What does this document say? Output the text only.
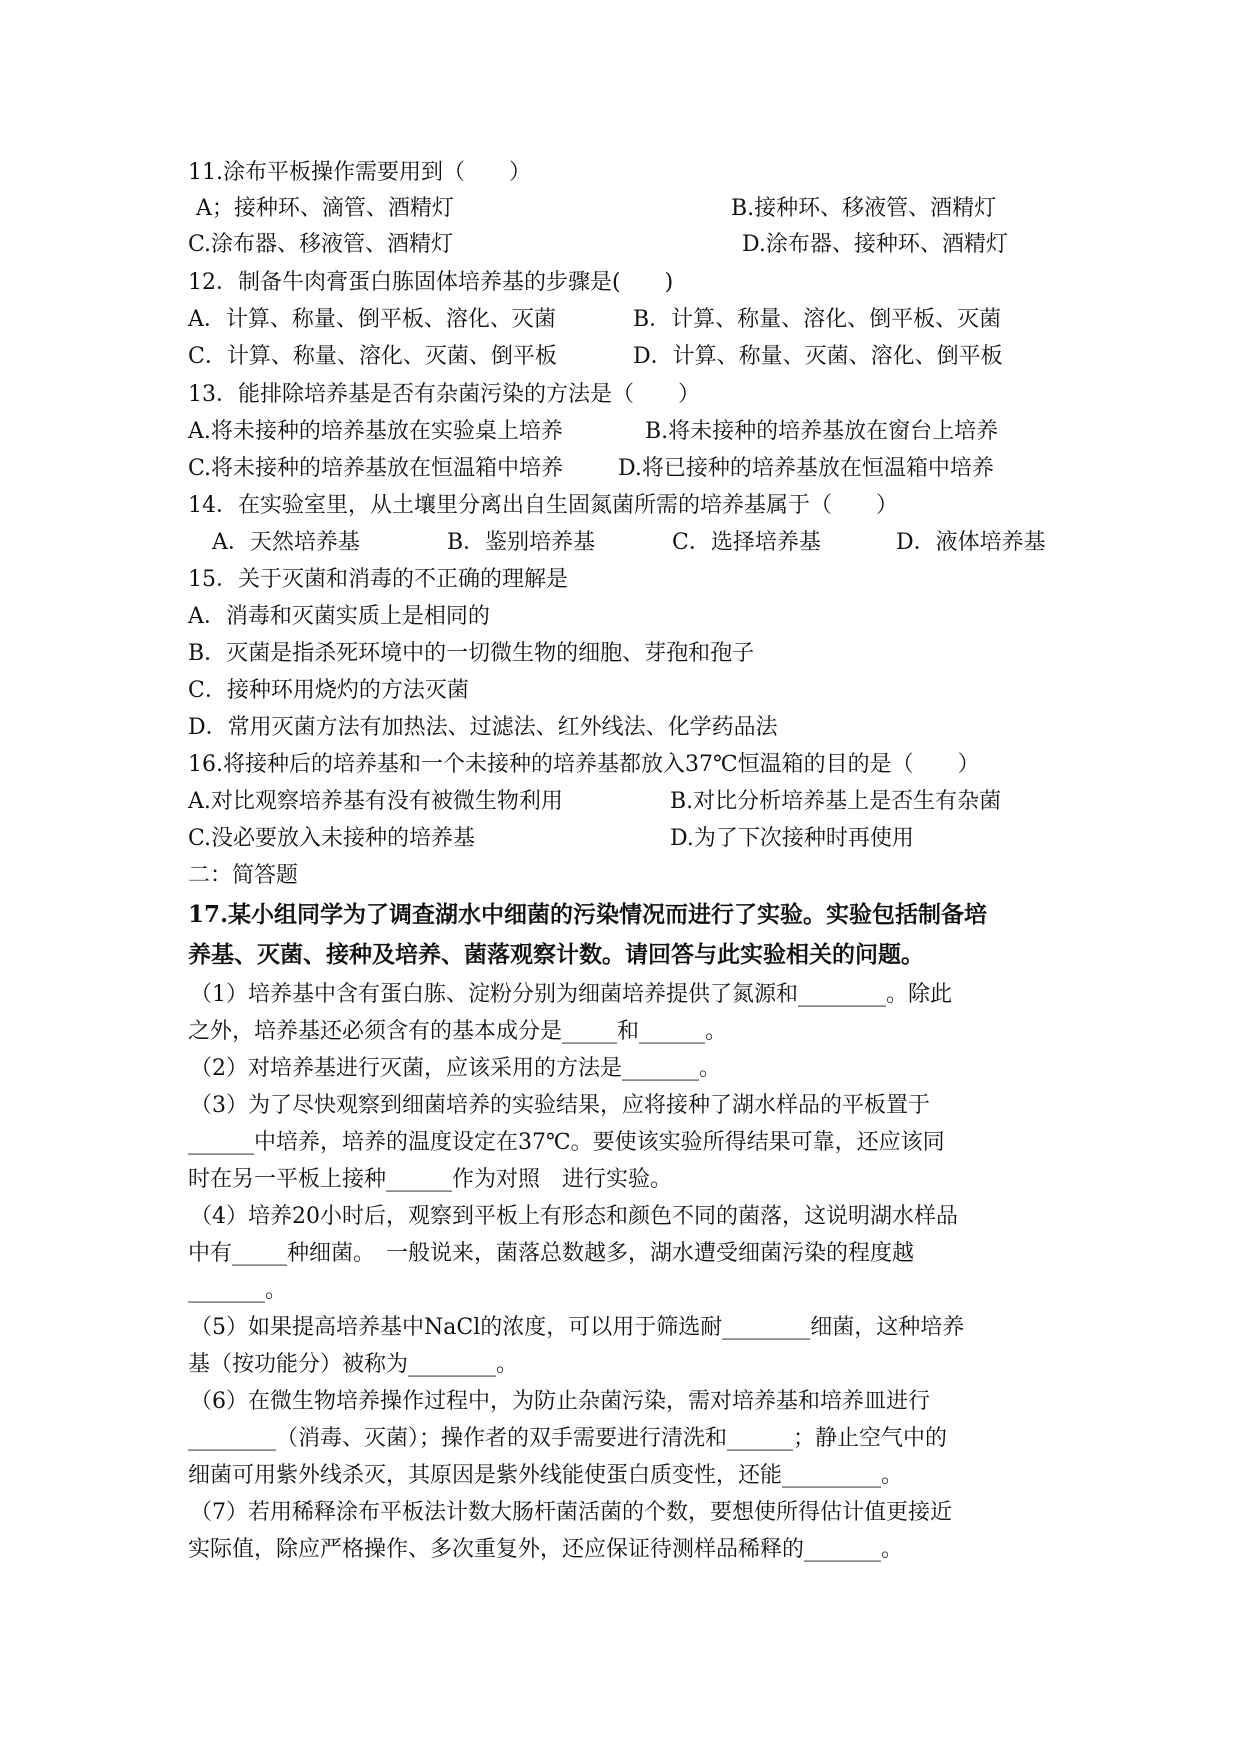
11.涂布平板操作需要用到（　　）
A；接种环、滴管、酒精灯	B.接种环、移液管、酒精灯
C.涂布器、移液管、酒精灯	D.涂布器、接种环、酒精灯
12．制备牛肉膏蛋白胨固体培养基的步骤是(　　)
A．计算、称量、倒平板、溶化、灭菌	B．计算、称量、溶化、倒平板、灭菌
C．计算、称量、溶化、灭菌、倒平板	D．计算、称量、灭菌、溶化、倒平板
13．能排除培养基是否有杂菌污染的方法是（　　）
A.将未接种的培养基放在实验桌上培养	B.将未接种的培养基放在窗台上培养
C.将未接种的培养基放在恒温箱中培养 D.将已接种的培养基放在恒温箱中培养
14．在实验室里，从土壤里分离出自生固氮菌所需的培养基属于（　　）
A．天然培养基	B．鉴别培养基	C．选择培养基	D．液体培养基
15．关于灭菌和消毒的不正确的理解是
A．消毒和灭菌实质上是相同的
B．灭菌是指杀死环境中的一切微生物的细胞、芽孢和孢子
C．接种环用烧灼的方法灭菌
D．常用灭菌方法有加热法、过滤法、红外线法、化学药品法
16.将接种后的培养基和一个未接种的培养基都放入37℃恒温箱的目的是（　　）
A.对比观察培养基有没有被微生物利用	B.对比分析培养基上是否生有杂菌
C.没必要放入未接种的培养基	D.为了下次接种时再使用
二：简答题
17.某小组同学为了调查湖水中细菌的污染情况而进行了实验。实验包括制备培
养基、灭菌、接种及培养、菌落观察计数。请回答与此实验相关的问题。
（1）培养基中含有蛋白胨、淀粉分别为细菌培养提供了氮源和________。除此
之外，培养基还必须含有的基本成分是_____和______。
（2）对培养基进行灭菌，应该采用的方法是_______。
（3）为了尽快观察到细菌培养的实验结果，应将接种了湖水样品的平板置于
______中培养，培养的温度设定在37℃。要使该实验所得结果可靠，还应该同
时在另一平板上接种______作为对照　进行实验。
（4）培养20小时后，观察到平板上有形态和颜色不同的菌落，这说明湖水样品
中有_____种细菌。　一般说来，菌落总数越多，湖水遭受细菌污染的程度越
_______。
（5）如果提高培养基中NaCl的浓度，可以用于筛选耐________细菌，这种培养
基（按功能分）被称为________。
（6）在微生物培养操作过程中，为防止杂菌污染，需对培养基和培养皿进行
________（消毒、灭菌）；操作者的双手需要进行清洗和______；静止空气中的
细菌可用紫外线杀灭，其原因是紫外线能使蛋白质变性，还能_________。
（7）若用稀释涂布平板法计数大肠杆菌活菌的个数，要想使所得估计值更接近
实际值，除应严格操作、多次重复外，还应保证待测样品稀释的_______。
